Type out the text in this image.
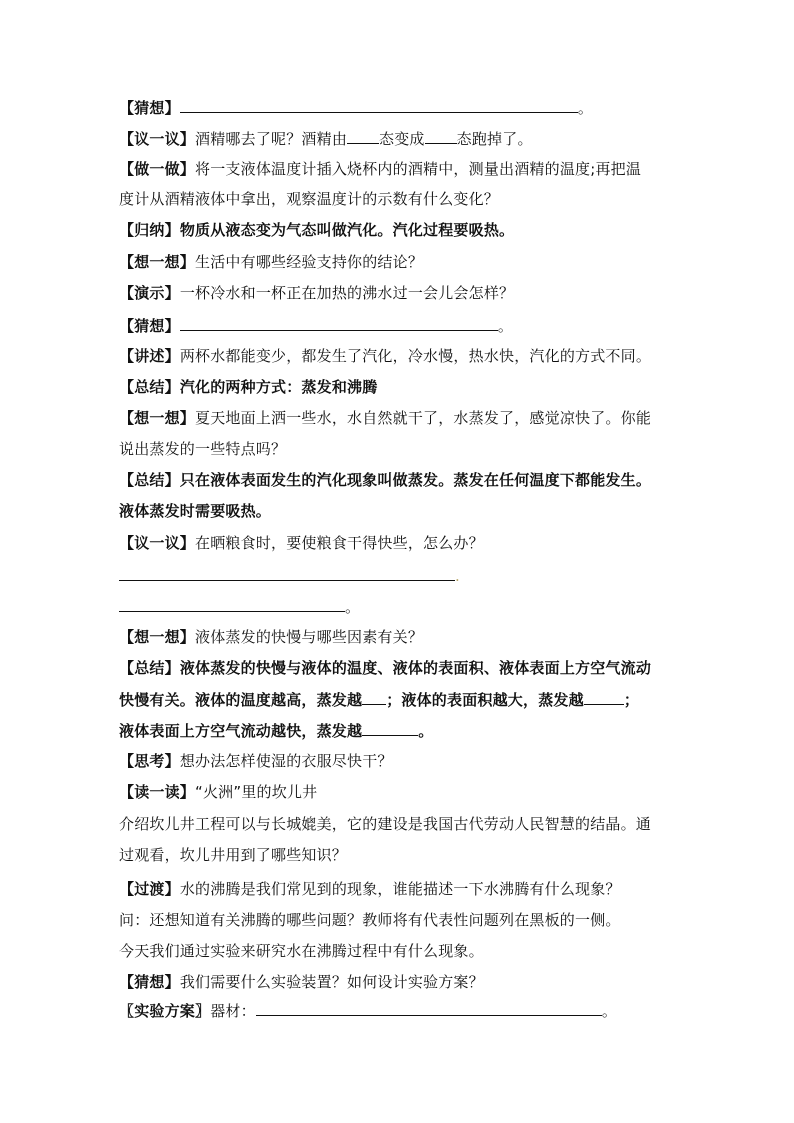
【猜想】	。
【议一议】酒精哪去了呢？酒精由 态变成 态跑掉了。
【做一做】将一支液体温度计插入烧杯内的酒精中，测量出酒精的温度;再把温
度计从酒精液体中拿出，观察温度计的示数有什么变化？
【归纳】物质从液态变为气态叫做汽化。汽化过程要吸热。
【想一想】生活中有哪些经验支持你的结论？
【演示】一杯冷水和一杯正在加热的沸水过一会儿会怎样？
【猜想】	。
【讲述】两杯水都能变少，都发生了汽化，冷水慢，热水快，汽化的方式不同。
【总结】汽化的两种方式：蒸发和沸腾
【想一想】夏天地面上洒一些水，水自然就干了，水蒸发了，感觉凉快了。你能
说出蒸发的一些特点吗？
【总结】只在液体表面发生的汽化现象叫做蒸发。蒸发在任何温度下都能发生。
液体蒸发时需要吸热。
【议一议】在晒粮食时，要使粮食干得快些，怎么办？
.
。
【想一想】液体蒸发的快慢与哪些因素有关？
【总结】液体蒸发的快慢与液体的温度、液体的表面积、液体表面上方空气流动
快慢有关。液体的温度越高，蒸发越 ；液体的表面积越大，蒸发越	；
液体表面上方空气流动越快，蒸发越	。
【思考】想办法怎样使湿的衣服尽快干？
【读一读】“火洲”里的坎儿井
介绍坎儿井工程可以与长城媲美，它的建设是我国古代劳动人民智慧的结晶。通
过观看，坎儿井用到了哪些知识？
【过渡】水的沸腾是我们常见到的现象，谁能描述一下水沸腾有什么现象？
问：还想知道有关沸腾的哪些问题？教师将有代表性问题列在黑板的一侧。
今天我们通过实验来研究水在沸腾过程中有什么现象。
【猜想】我们需要什么实验装置？如何设计实验方案？
〖实验方案〗器材：	。
